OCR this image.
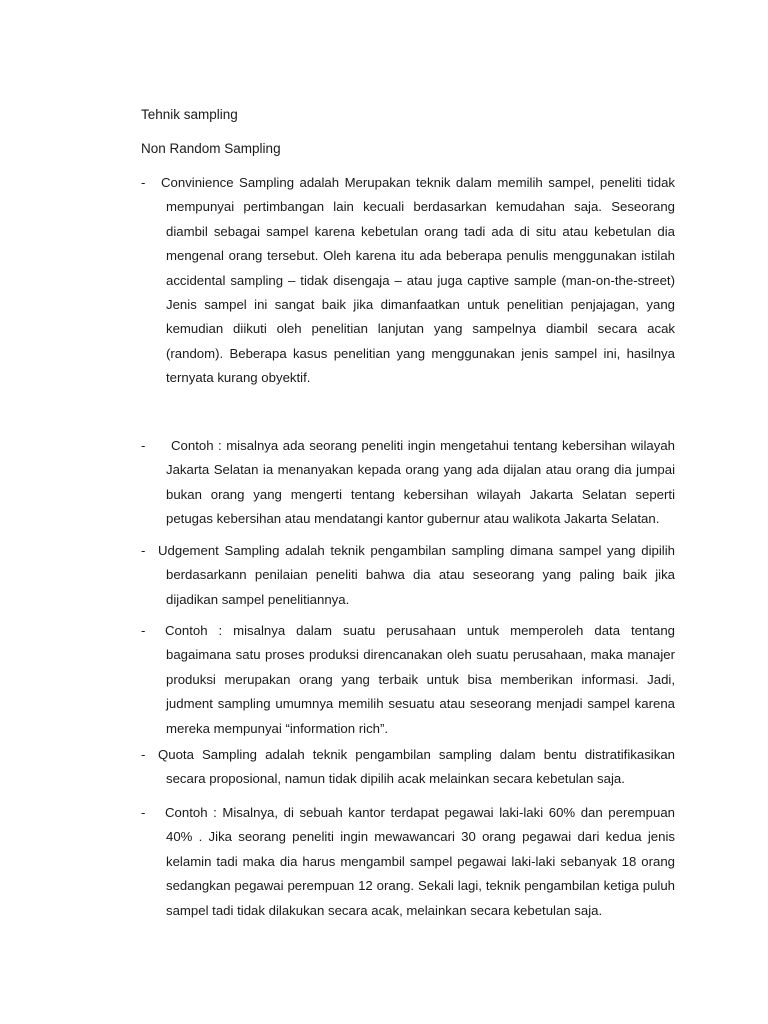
Tehnik sampling
Non Random Sampling
-	Convinience Sampling adalah Merupakan teknik dalam memilih sampel, peneliti tidak mempunyai pertimbangan lain kecuali berdasarkan kemudahan saja. Seseorang diambil sebagai sampel karena kebetulan orang tadi ada di situ atau kebetulan dia mengenal orang tersebut. Oleh karena itu ada beberapa penulis menggunakan istilah accidental sampling – tidak disengaja – atau juga captive sample (man-on-the-street) Jenis sampel ini sangat baik jika dimanfaatkan untuk penelitian penjajagan, yang kemudian diikuti oleh penelitian lanjutan yang sampelnya diambil secara acak (random). Beberapa kasus penelitian yang menggunakan jenis sampel ini, hasilnya ternyata kurang obyektif.

-	Contoh : misalnya ada seorang peneliti ingin mengetahui tentang kebersihan wilayah Jakarta Selatan ia menanyakan kepada orang yang ada dijalan atau orang dia jumpai bukan orang yang mengerti tentang kebersihan wilayah Jakarta Selatan seperti petugas kebersihan atau mendatangi kantor gubernur atau walikota Jakarta Selatan.

- Udgement Sampling adalah teknik pengambilan sampling dimana sampel yang dipilih berdasarkann penilaian peneliti bahwa dia atau seseorang yang paling baik jika dijadikan sampel penelitiannya.

-	Contoh : misalnya dalam suatu perusahaan untuk memperoleh data tentang bagaimana satu proses produksi direncanakan oleh suatu perusahaan, maka manajer produksi merupakan orang yang terbaik untuk bisa memberikan informasi. Jadi, judment sampling umumnya memilih sesuatu atau seseorang menjadi sampel karena mereka mempunyai “information rich”.

- Quota Sampling adalah teknik pengambilan sampling dalam bentu distratifikasikan secara proposional, namun tidak dipilih acak melainkan secara kebetulan saja.

-	Contoh : Misalnya, di sebuah kantor terdapat pegawai laki-laki 60% dan perempuan 40% . Jika seorang peneliti ingin mewawancari 30 orang pegawai dari kedua jenis kelamin tadi maka dia harus mengambil sampel pegawai laki-laki sebanyak 18 orang sedangkan pegawai perempuan 12 orang. Sekali lagi, teknik pengambilan ketiga puluh sampel tadi tidak dilakukan secara acak, melainkan secara kebetulan saja.
